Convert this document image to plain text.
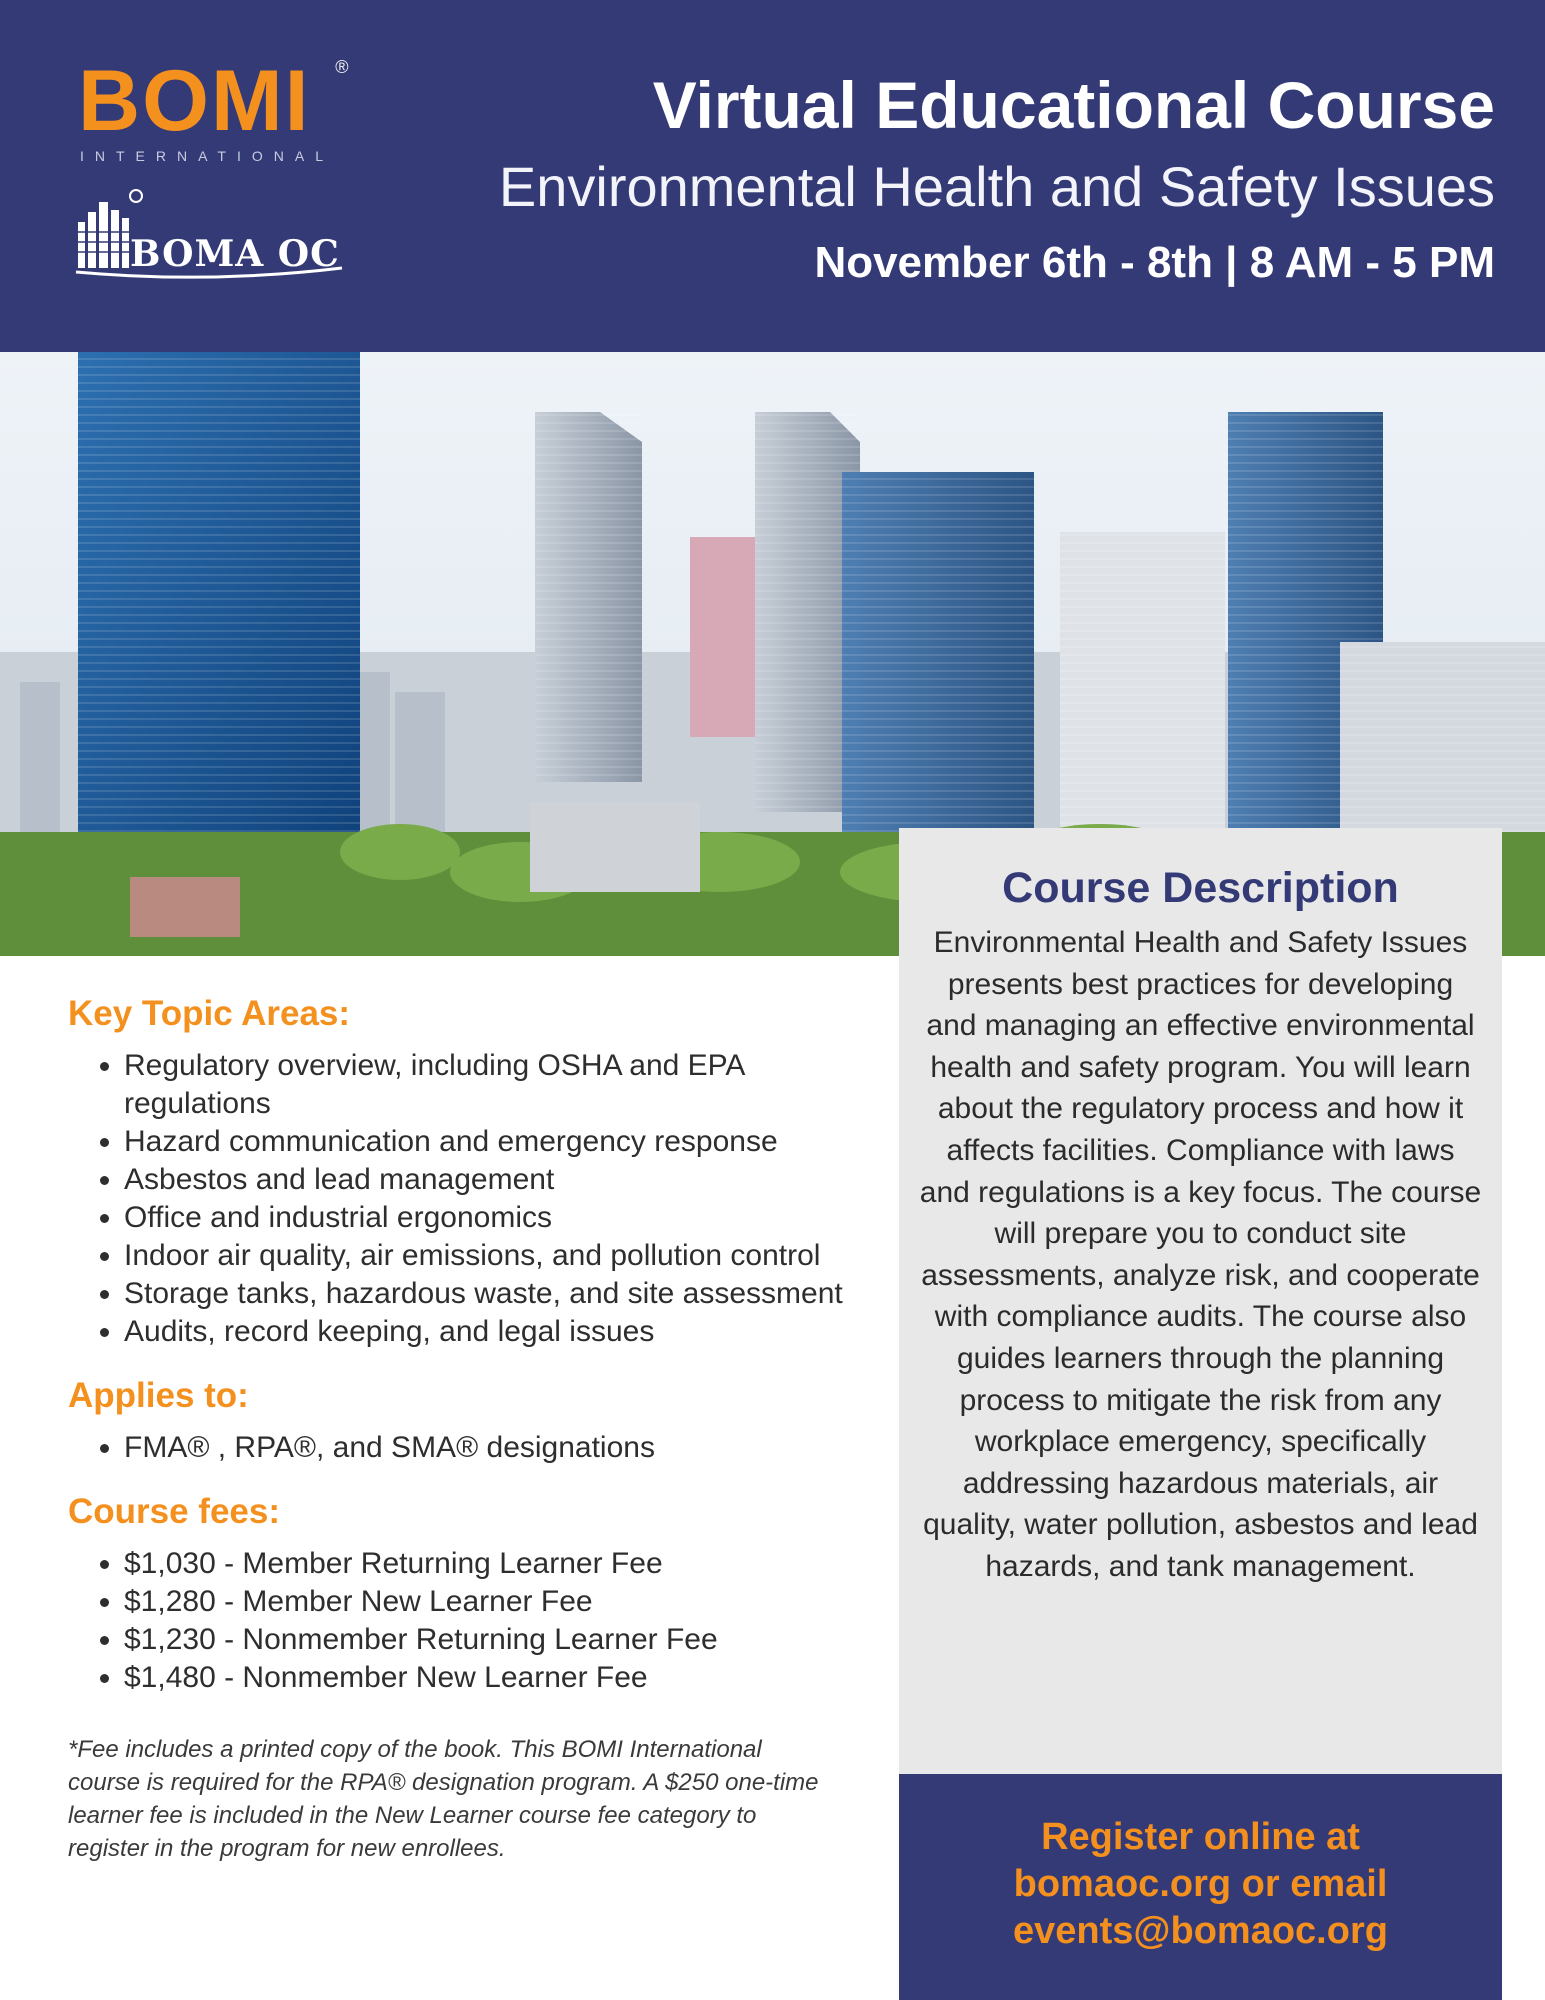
BOMI ®
INTERNATIONAL
BOMA OC
Virtual Educational Course
Environmental Health and Safety Issues
November 6th - 8th | 8 AM - 5 PM
Key Topic Areas:
• Regulatory overview, including OSHA and EPA regulations
• Hazard communication and emergency response
• Asbestos and lead management
• Office and industrial ergonomics
• Indoor air quality, air emissions, and pollution control
• Storage tanks, hazardous waste, and site assessment
• Audits, record keeping, and legal issues
Applies to:
• FMA® , RPA®, and SMA® designations
Course fees:
• $1,030 - Member Returning Learner Fee
• $1,280 - Member New Learner Fee
• $1,230 - Nonmember Returning Learner Fee
• $1,480 - Nonmember New Learner Fee
*Fee includes a printed copy of the book. This BOMI International course is required for the RPA® designation program. A $250 one-time learner fee is included in the New Learner course fee category to register in the program for new enrollees.
Course Description
Environmental Health and Safety Issues presents best practices for developing and managing an effective environmental health and safety program. You will learn about the regulatory process and how it affects facilities. Compliance with laws and regulations is a key focus. The course will prepare you to conduct site assessments, analyze risk, and cooperate with compliance audits. The course also guides learners through the planning process to mitigate the risk from any workplace emergency, specifically addressing hazardous materials, air quality, water pollution, asbestos and lead hazards, and tank management.
Register online at
bomaoc.org or email
events@bomaoc.org
